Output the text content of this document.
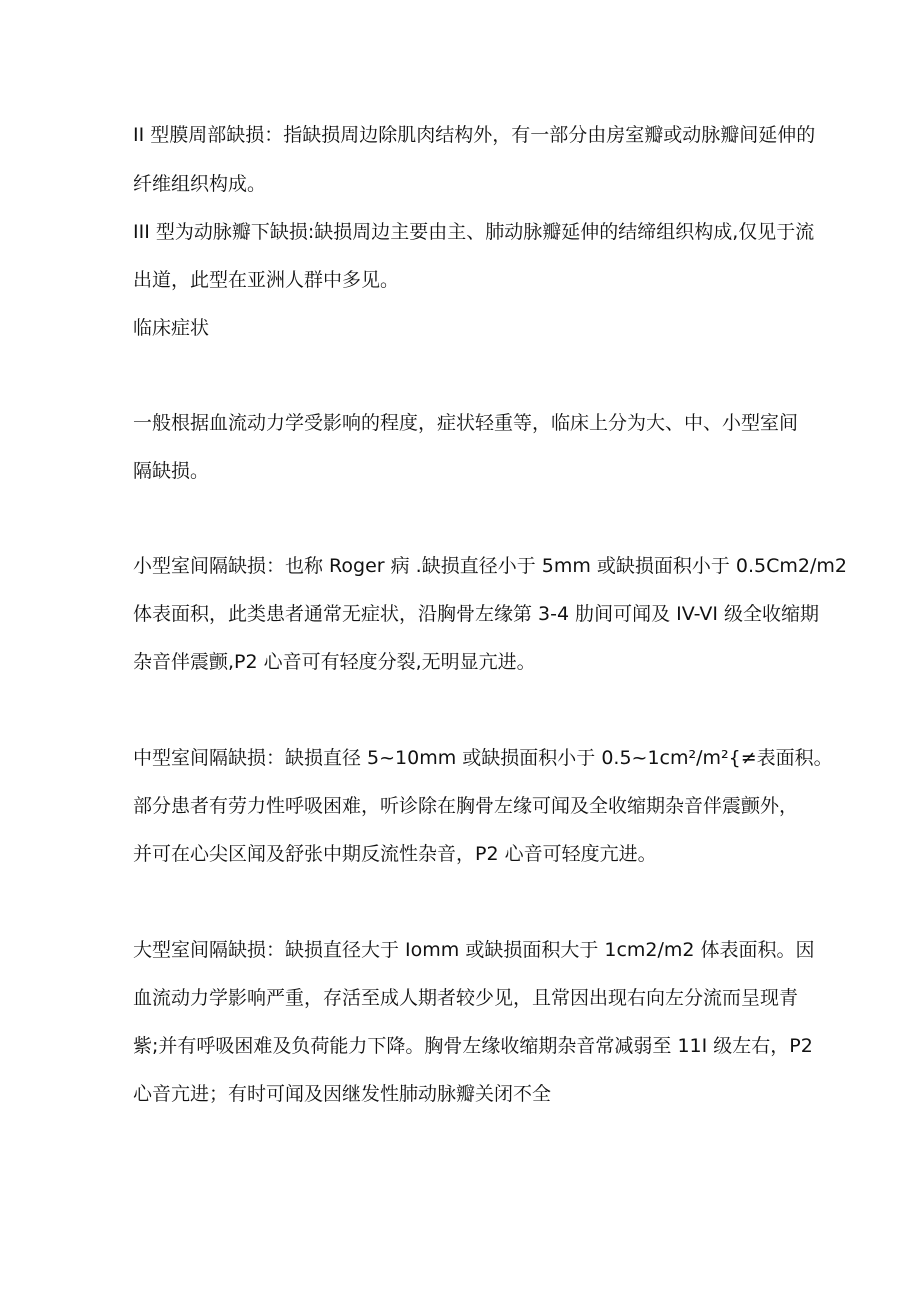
II 型膜周部缺损：指缺损周边除肌肉结构外，有一部分由房室瓣或动脉瓣间延伸的

纤维组织构成。

III 型为动脉瓣下缺损:缺损周边主要由主、肺动脉瓣延伸的结缔组织构成,仅见于流

出道，此型在亚洲人群中多见。

临床症状

一般根据血流动力学受影响的程度，症状轻重等，临床上分为大、中、小型室间

隔缺损。

小型室间隔缺损：也称 Roger 病 .缺损直径小于 5mm 或缺损面积小于 0.5Cm2∕m2

体表面积，此类患者通常无症状，沿胸骨左缘第 3-4 肋间可闻及 IV-VI 级全收缩期

杂音伴震颤,P2 心音可有轻度分裂,无明显亢进。

中型室间隔缺损：缺损直径 5~10mm 或缺损面积小于 0.5~1cm²∕m²{≠表面积。

部分患者有劳力性呼吸困难，听诊除在胸骨左缘可闻及全收缩期杂音伴震颤外，

并可在心尖区闻及舒张中期反流性杂音，P2 心音可轻度亢进。

大型室间隔缺损：缺损直径大于 Iomm 或缺损面积大于 1cm2∕m2 体表面积。因

血流动力学影响严重，存活至成人期者较少见，且常因出现右向左分流而呈现青

紫;并有呼吸困难及负荷能力下降。胸骨左缘收缩期杂音常减弱至 11I 级左右，P2

心音亢进；有时可闻及因继发性肺动脉瓣关闭不全
